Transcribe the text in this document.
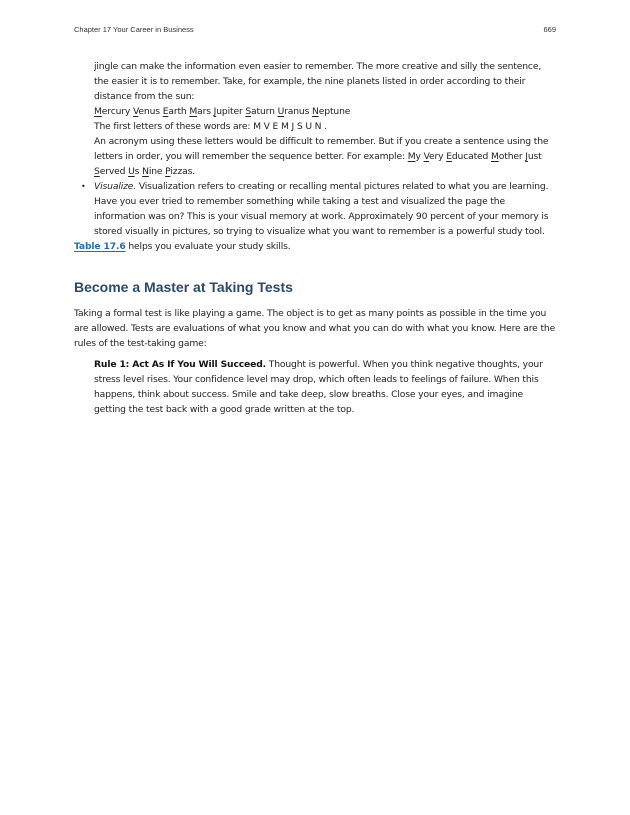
Chapter 17 Your Career in Business	669

jingle can make the information even easier to remember. The more creative and silly the sentence, the easier it is to remember. Take, for example, the nine planets listed in order according to their distance from the sun:

Mercury Venus Earth Mars Jupiter Saturn Uranus Neptune

The first letters of these words are: M V E M J S U N .

An acronym using these letters would be difficult to remember. But if you create a sentence using the letters in order, you will remember the sequence better. For example: My Very Educated Mother Just Served Us Nine Pizzas.

• Visualize. Visualization refers to creating or recalling mental pictures related to what you are learning. Have you ever tried to remember something while taking a test and visualized the page the information was on? This is your visual memory at work. Approximately 90 percent of your memory is stored visually in pictures, so trying to visualize what you want to remember is a powerful study tool.

Table 17.6 helps you evaluate your study skills.

Become a Master at Taking Tests

Taking a formal test is like playing a game. The object is to get as many points as possible in the time you are allowed. Tests are evaluations of what you know and what you can do with what you know. Here are the rules of the test-taking game:

Rule 1: Act As If You Will Succeed. Thought is powerful. When you think negative thoughts, your stress level rises. Your confidence level may drop, which often leads to feelings of failure. When this happens, think about success. Smile and take deep, slow breaths. Close your eyes, and imagine getting the test back with a good grade written at the top.
